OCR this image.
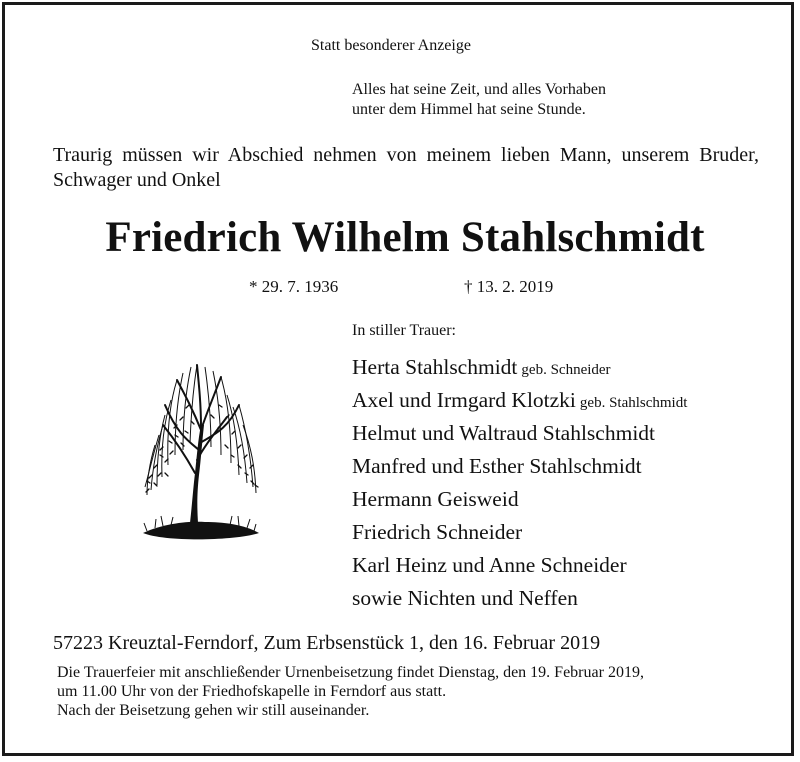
Statt besonderer Anzeige
Alles hat seine Zeit, und alles Vorhaben
unter dem Himmel hat seine Stunde.
Traurig müssen wir Abschied nehmen von meinem lieben Mann, unserem Bruder, Schwager und Onkel
Friedrich Wilhelm Stahlschmidt
* 29. 7. 1936	† 13. 2. 2019
In stiller Trauer:
Herta Stahlschmidt geb. Schneider
Axel und Irmgard Klotzki geb. Stahlschmidt
Helmut und Waltraud Stahlschmidt
Manfred und Esther Stahlschmidt
Hermann Geisweid
Friedrich Schneider
Karl Heinz und Anne Schneider
sowie Nichten und Neffen
57223 Kreuztal-Ferndorf, Zum Erbsenstück 1, den 16. Februar 2019
Die Trauerfeier mit anschließender Urnenbeisetzung findet Dienstag, den 19. Februar 2019,
um 11.00 Uhr von der Friedhofskapelle in Ferndorf aus statt.
Nach der Beisetzung gehen wir still auseinander.
